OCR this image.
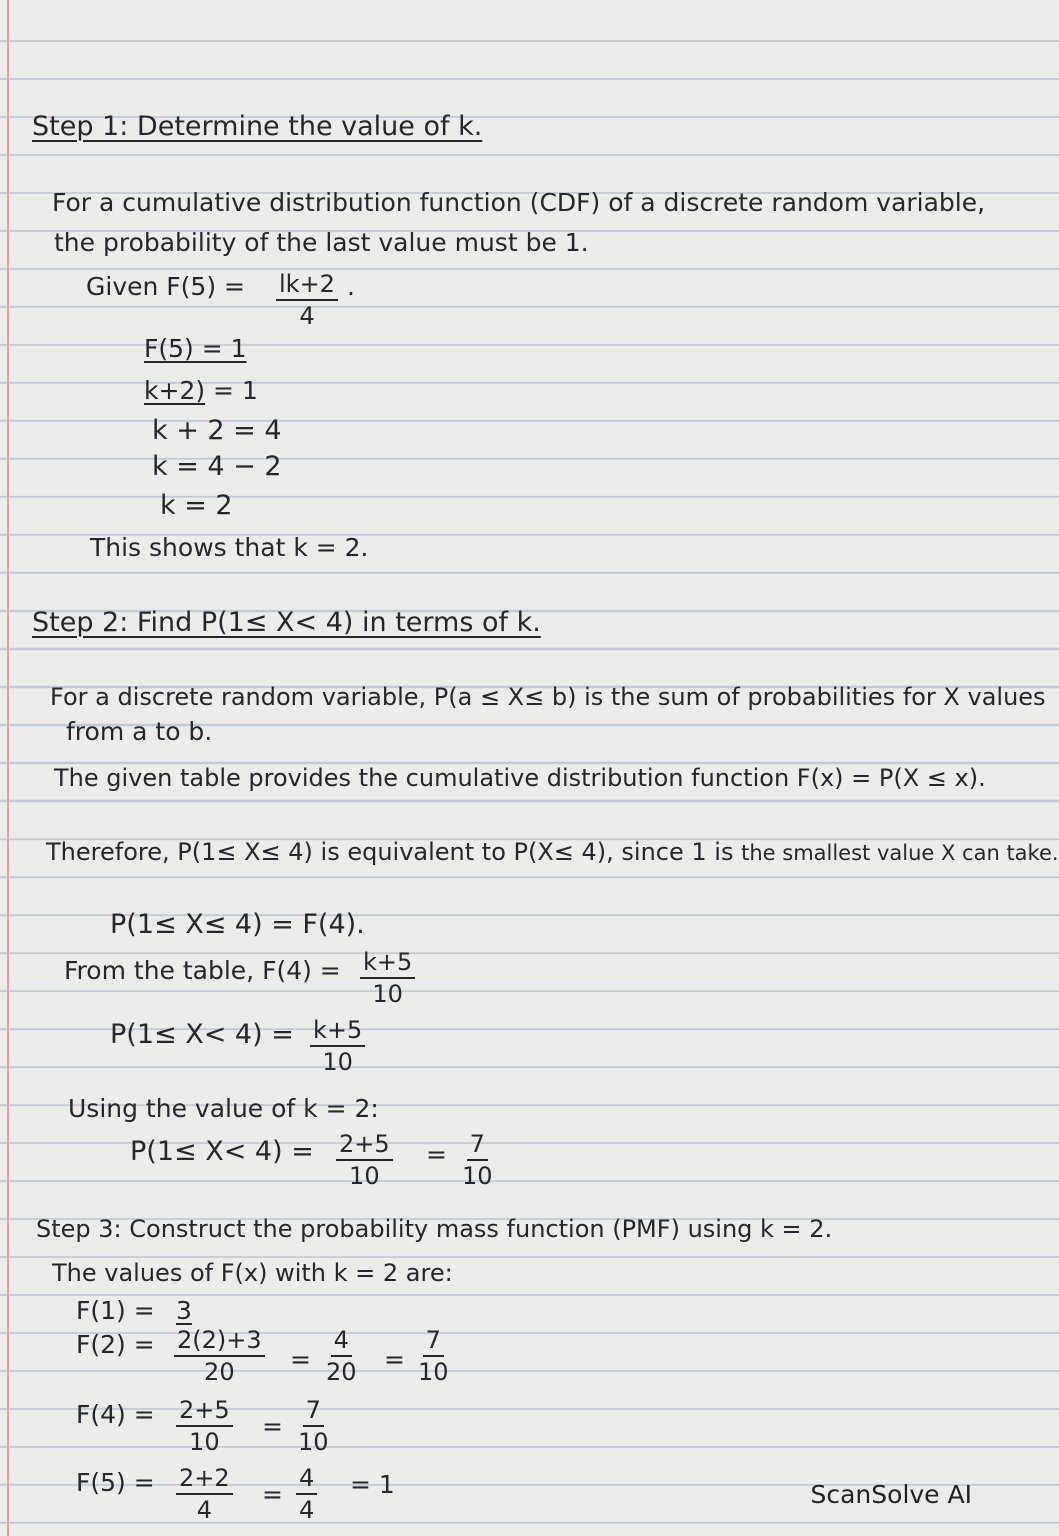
Step 1: Determine the value of k.
For a cumulative distribution function (CDF) of a discrete random variable,
the probability of the last value must be 1.
Given $F(5) = \frac{lk+2}{4}$ .
F(5) = 1
k+2) = 1
k + 2 = 4
k = 4 − 2
k = 2
This shows that k = 2.
Step 2: Find P(1≤ X< 4) in terms of k.
For a discrete random variable, P(a ≤ X≤ b) is the sum of probabilities for X values
from a to b.
The given table provides the cumulative distribution function F(x) = P(X ≤ x).
Therefore, P(1≤ X≤ 4) is equivalent to P(X≤ 4), since 1 is the smallest value X can take.
P(1≤ X≤ 4) = F(4).
From the table, $F(4) = \frac{k+5}{10}$
$P(1\le X< 4) = \frac{k+5}{10}$
Using the value of k = 2:
$P(1\le X< 4) = \frac{2+5}{10} = \frac{7}{10}$
Step 3: Construct the probability mass function (PMF) using k = 2.
The values of F(x) with k = 2 are:
F(1) = 3
$F(2) = \frac{2(2)+3}{20} = \frac{4}{20} = \frac{7}{10}$
$F(4) = \frac{2+5}{10} = \frac{7}{10}$
$F(5) = \frac{2+2}{4} = \frac{4}{4} = 1$	ScanSolve AI
